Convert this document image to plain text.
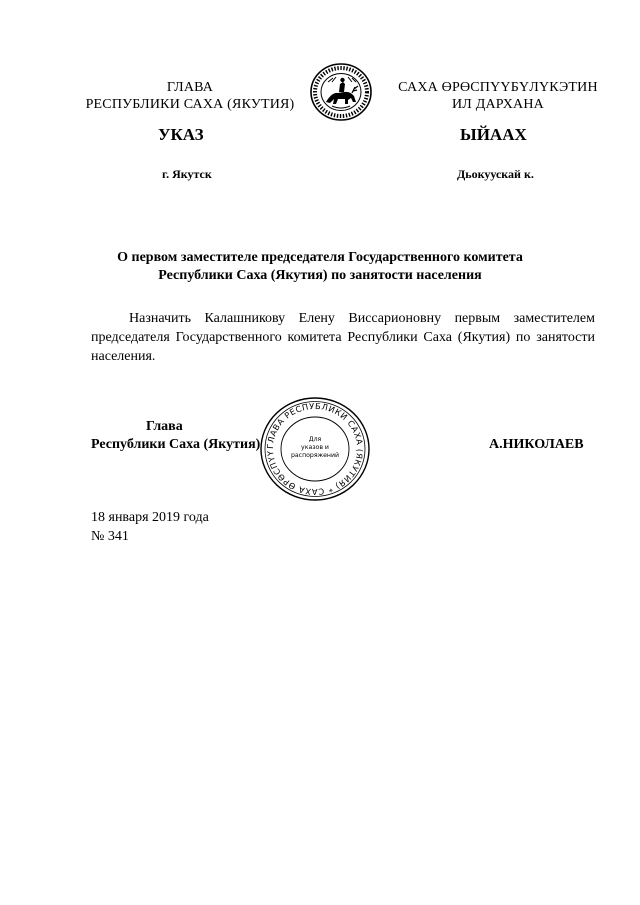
ГЛАВА
РЕСПУБЛИКИ САХА (ЯКУТИЯ)
САХА ӨРӨСПҮҮБҮЛҮКЭТИН
ИЛ ДАРХАНА
УКАЗ	ЫЙААХ
г. Якутск	Дьокуускай к.
О первом заместителе председателя Государственного комитета
Республики Саха (Якутия) по занятости населения
Назначить Калашникову Елену Виссарионовну первым заместителем председателя Государственного комитета Республики Саха (Якутия) по занятости населения.
ГЛАВА РЕСПУБЛИКИ САХА (ЯКУТИЯ) * САХА ӨРӨСПҮҮ
Для
указов и
распоряжений
Глава
Республики Саха (Якутия)	А.НИКОЛАЕВ
18 января 2019 года
№ 341
